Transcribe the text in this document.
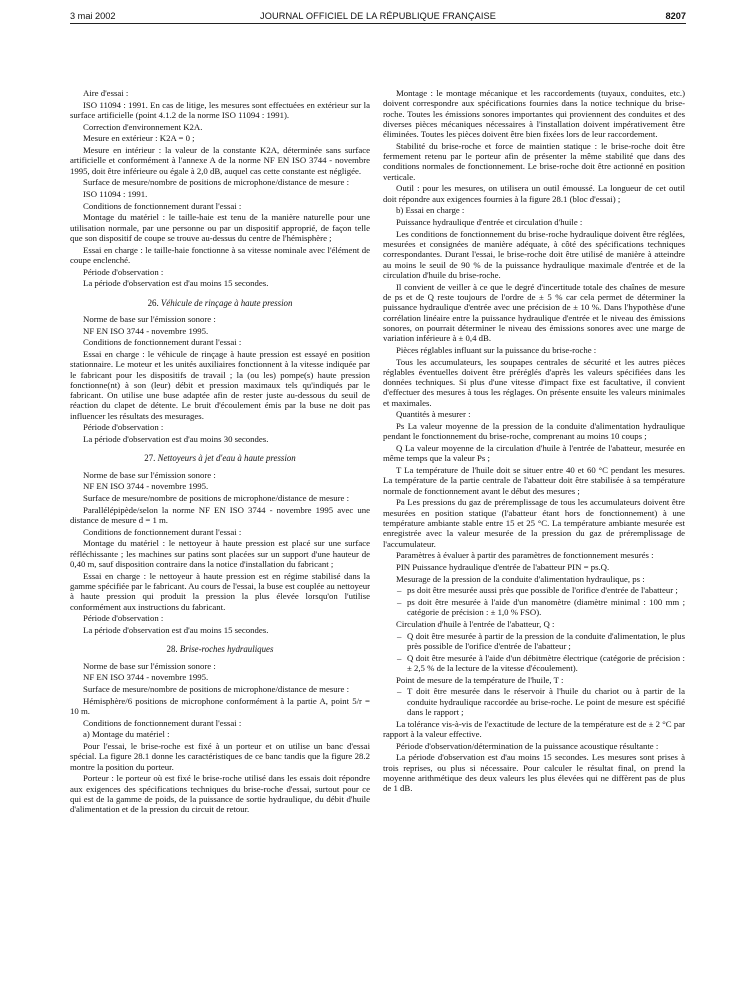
3 mai 2002	JOURNAL OFFICIEL DE LA RÉPUBLIQUE FRANÇAISE	8207

Aire d'essai :

ISO 11094 : 1991. En cas de litige, les mesures sont effectuées en extérieur sur la surface artificielle (point 4.1.2 de la norme ISO 11094 : 1991).

Correction d'environnement K2A.

Mesure en extérieur : K2A = 0 ;

Mesure en intérieur : la valeur de la constante K2A, déterminée sans surface artificielle et conformément à l'annexe A de la norme NF EN ISO 3744 - novembre 1995, doit être inférieure ou égale à 2,0 dB, auquel cas cette constante est négligée.

Surface de mesure/nombre de positions de microphone/distance de mesure :

ISO 11094 : 1991.

Conditions de fonctionnement durant l'essai :

Montage du matériel : le taille-haie est tenu de la manière naturelle pour une utilisation normale, par une personne ou par un dispositif approprié, de façon telle que son dispositif de coupe se trouve au-dessus du centre de l'hémisphère ;

Essai en charge : le taille-haie fonctionne à sa vitesse nominale avec l'élément de coupe enclenché.

Période d'observation :

La période d'observation est d'au moins 15 secondes.

26. Véhicule de rinçage à haute pression

Norme de base sur l'émission sonore :

NF EN ISO 3744 - novembre 1995.

Conditions de fonctionnement durant l'essai :

Essai en charge : le véhicule de rinçage à haute pression est essayé en position stationnaire. Le moteur et les unités auxiliaires fonctionnent à la vitesse indiquée par le fabricant pour les dispositifs de travail ; la (ou les) pompe(s) haute pression fonctionne(nt) à son (leur) débit et pression maximaux tels qu'indiqués par le fabricant. On utilise une buse adaptée afin de rester juste au-dessous du seuil de réaction du clapet de détente. Le bruit d'écoulement émis par la buse ne doit pas influencer les résultats des mesurages.

Période d'observation :

La période d'observation est d'au moins 30 secondes.

27. Nettoyeurs à jet d'eau à haute pression

Norme de base sur l'émission sonore :

NF EN ISO 3744 - novembre 1995.

Surface de mesure/nombre de positions de microphone/distance de mesure :

Parallélépipède/selon la norme NF EN ISO 3744 - novembre 1995 avec une distance de mesure d = 1 m.

Conditions de fonctionnement durant l'essai :

Montage du matériel : le nettoyeur à haute pression est placé sur une surface réfléchissante ; les machines sur patins sont placées sur un support d'une hauteur de 0,40 m, sauf disposition contraire dans la notice d'installation du fabricant ;

Essai en charge : le nettoyeur à haute pression est en régime stabilisé dans la gamme spécifiée par le fabricant. Au cours de l'essai, la buse est couplée au nettoyeur à haute pression qui produit la pression la plus élevée lorsqu'on l'utilise conformément aux instructions du fabricant.

Période d'observation :

La période d'observation est d'au moins 15 secondes.

28. Brise-roches hydrauliques

Norme de base sur l'émission sonore :

NF EN ISO 3744 - novembre 1995.

Surface de mesure/nombre de positions de microphone/distance de mesure :

Hémisphère/6 positions de microphone conformément à la partie A, point 5/r = 10 m.

Conditions de fonctionnement durant l'essai :

a) Montage du matériel :

Pour l'essai, le brise-roche est fixé à un porteur et on utilise un banc d'essai spécial. La figure 28.1 donne les caractéristiques de ce banc tandis que la figure 28.2 montre la position du porteur.

Porteur : le porteur où est fixé le brise-roche utilisé dans les essais doit répondre aux exigences des spécifications techniques du brise-roche d'essai, surtout pour ce qui est de la gamme de poids, de la puissance de sortie hydraulique, du débit d'huile d'alimentation et de la pression du circuit de retour.

Montage : le montage mécanique et les raccordements (tuyaux, conduites, etc.) doivent correspondre aux spécifications fournies dans la notice technique du brise-roche. Toutes les émissions sonores importantes qui proviennent des conduites et des diverses pièces mécaniques nécessaires à l'installation doivent impérativement être éliminées. Toutes les pièces doivent être bien fixées lors de leur raccordement.

Stabilité du brise-roche et force de maintien statique : le brise-roche doit être fermement retenu par le porteur afin de présenter la même stabilité que dans des conditions normales de fonctionnement. Le brise-roche doit être actionné en position verticale.

Outil : pour les mesures, on utilisera un outil émoussé. La longueur de cet outil doit répondre aux exigences fournies à la figure 28.1 (bloc d'essai) ;

b) Essai en charge :

Puissance hydraulique d'entrée et circulation d'huile :

Les conditions de fonctionnement du brise-roche hydraulique doivent être réglées, mesurées et consignées de manière adéquate, à côté des spécifications techniques correspondantes. Durant l'essai, le brise-roche doit être utilisé de manière à atteindre au moins le seuil de 90 % de la puissance hydraulique maximale d'entrée et de la circulation d'huile du brise-roche.

Il convient de veiller à ce que le degré d'incertitude totale des chaînes de mesure de ps et de Q reste toujours de l'ordre de ± 5 % car cela permet de déterminer la puissance hydraulique d'entrée avec une précision de ± 10 %. Dans l'hypothèse d'une corrélation linéaire entre la puissance hydraulique d'entrée et le niveau des émissions sonores, on pourrait déterminer le niveau des émissions sonores avec une marge de variation inférieure à ± 0,4 dB.

Pièces réglables influant sur la puissance du brise-roche :

Tous les accumulateurs, les soupapes centrales de sécurité et les autres pièces réglables éventuelles doivent être préréglés d'après les valeurs spécifiées dans les données techniques. Si plus d'une vitesse d'impact fixe est facultative, il convient d'effectuer des mesures à tous les réglages. On présente ensuite les valeurs minimales et maximales.

Quantités à mesurer :

Ps La valeur moyenne de la pression de la conduite d'alimentation hydraulique pendant le fonctionnement du brise-roche, comprenant au moins 10 coups ;

Q La valeur moyenne de la circulation d'huile à l'entrée de l'abatteur, mesurée en même temps que la valeur Ps ;

T La température de l'huile doit se situer entre 40 et 60 °C pendant les mesures. La température de la partie centrale de l'abatteur doit être stabilisée à sa température normale de fonctionnement avant le début des mesures ;

Pa Les pressions du gaz de préremplissage de tous les accumulateurs doivent être mesurées en position statique (l'abatteur étant hors de fonctionnement) à une température ambiante stable entre 15 et 25 °C. La température ambiante mesurée est enregistrée avec la valeur mesurée de la pression du gaz de préremplissage de l'accumulateur.

Paramètres à évaluer à partir des paramètres de fonctionnement mesurés :

PIN Puissance hydraulique d'entrée de l'abatteur PIN = ps.Q.

Mesurage de la pression de la conduite d'alimentation hydraulique, ps :

– ps doit être mesurée aussi près que possible de l'orifice d'entrée de l'abatteur ;

– ps doit être mesurée à l'aide d'un manomètre (diamètre minimal : 100 mm ; catégorie de précision : ± 1,0 % FSO).

Circulation d'huile à l'entrée de l'abatteur, Q :

– Q doit être mesurée à partir de la pression de la conduite d'alimentation, le plus près possible de l'orifice d'entrée de l'abatteur ;

– Q doit être mesurée à l'aide d'un débitmètre électrique (catégorie de précision : ± 2,5 % de la lecture de la vitesse d'écoulement).

Point de mesure de la température de l'huile, T :

– T doit être mesurée dans le réservoir à l'huile du chariot ou à partir de la conduite hydraulique raccordée au brise-roche. Le point de mesure est spécifié dans le rapport ;

La tolérance vis-à-vis de l'exactitude de lecture de la température est de ± 2 °C par rapport à la valeur effective.

Période d'observation/détermination de la puissance acoustique résultante :

La période d'observation est d'au moins 15 secondes. Les mesures sont prises à trois reprises, ou plus si nécessaire. Pour calculer le résultat final, on prend la moyenne arithmétique des deux valeurs les plus élevées qui ne diffèrent pas de plus de 1 dB.
